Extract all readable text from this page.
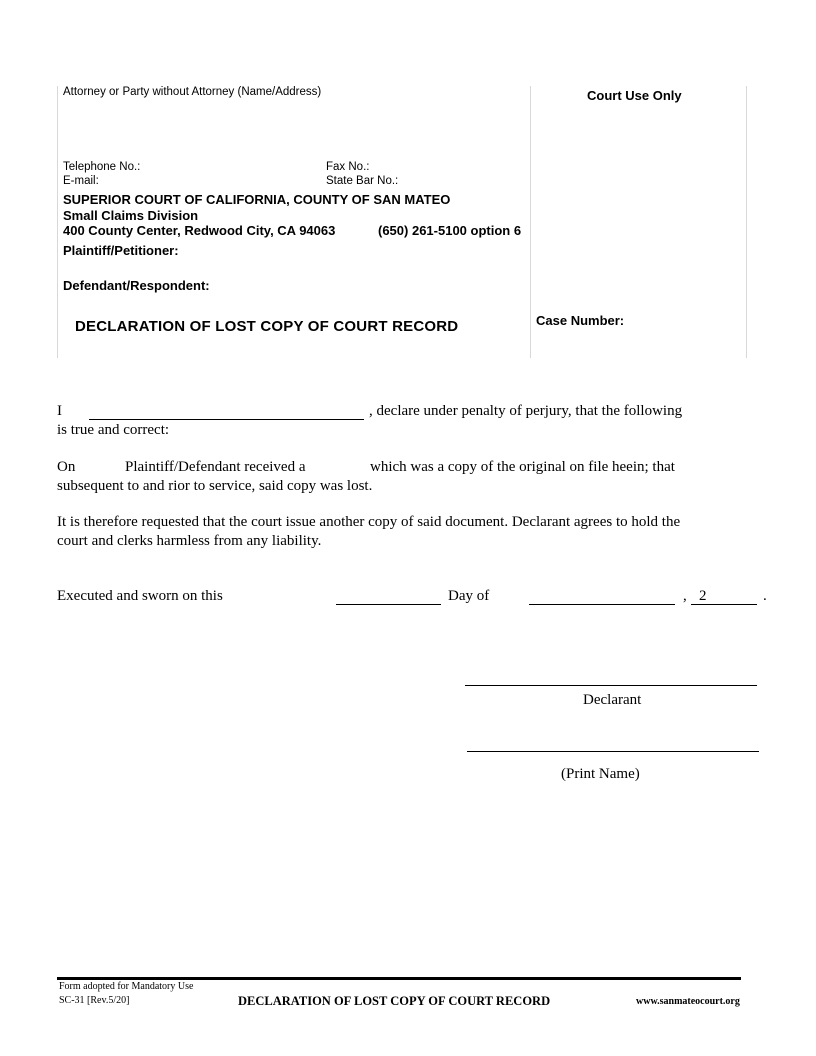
Attorney or Party without Attorney (Name/Address)
Telephone No.:	Fax No.:
E-mail:	State Bar No.:
SUPERIOR COURT OF CALIFORNIA, COUNTY OF SAN MATEO
Small Claims Division
400 County Center, Redwood City, CA 94063	(650) 261-5100 option 6
Plaintiff/Petitioner:
Defendant/Respondent:
DECLARATION OF LOST COPY OF COURT RECORD
Court Use Only
Case Number:
I	, declare under penalty of perjury, that the following
is true and correct:
On	Plaintiff/Defendant received a	which was a copy of the original on file heein; that
subsequent to and rior to service, said copy was lost.
It is therefore requested that the court issue another copy of said document. Declarant agrees to hold the
court and clerks harmless from any liability.
Executed and sworn on this	Day of	, 2	.
Declarant
(Print Name)
Form adopted for Mandatory Use
SC-31 [Rev.5/20]	DECLARATION OF LOST COPY OF COURT RECORD	www.sanmateocourt.org
